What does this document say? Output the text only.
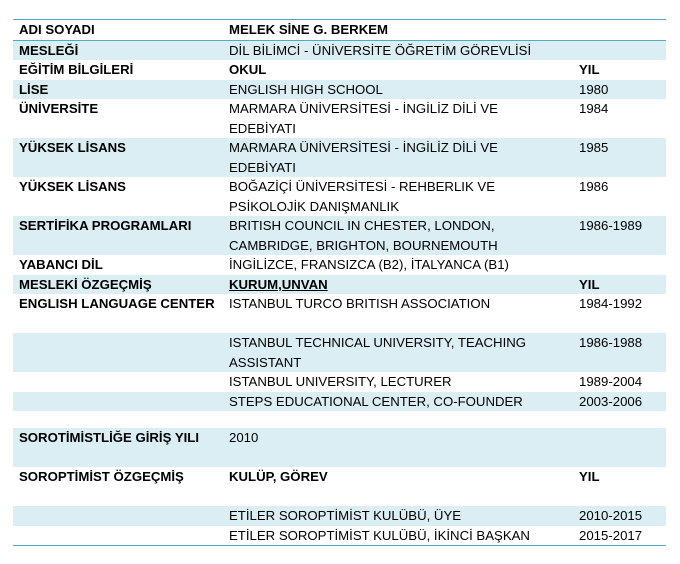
ADI SOYADI	MELEK SİNE G. BERKEM	
MESLEĞİ	DİL BİLİMCİ - ÜNİVERSİTE ÖĞRETİM GÖREVLİSİ	
EĞİTİM BİLGİLERİ	OKUL	YIL
LİSE	ENGLISH HIGH SCHOOL	1980
ÜNİVERSİTE	MARMARA ÜNİVERSİTESİ - İNGİLİZ DİLİ VE EDEBİYATI	1984
YÜKSEK LİSANS	MARMARA ÜNİVERSİTESİ - İNGİLİZ DİLİ VE EDEBİYATI	1985
YÜKSEK LİSANS	BOĞAZİÇİ ÜNİVERSİTESİ - REHBERLIK VE PSİKOLOJİK DANIŞMANLIK	1986
SERTİFİKA PROGRAMLARI	BRITISH COUNCIL IN CHESTER, LONDON, CAMBRIDGE, BRIGHTON, BOURNEMOUTH	1986-1989
YABANCI DİL	İNGİLİZCE, FRANSIZCA (B2), İTALYANCA (B1)	
MESLEKİ ÖZGEÇMİŞ	KURUM,UNVAN	YIL
ENGLISH LANGUAGE CENTER	ISTANBUL TURCO BRITISH ASSOCIATION	1984-1992
	ISTANBUL TECHNICAL UNIVERSITY, TEACHING ASSISTANT	1986-1988
	ISTANBUL UNIVERSITY, LECTURER	1989-2004
	STEPS EDUCATIONAL CENTER, CO-FOUNDER	2003-2006

SOROTİMİSTLİĞE GİRİŞ YILI	2010	
SOROPTİMİST ÖZGEÇMİŞ	KULÜP, GÖREV	YIL
	ETİLER SOROPTİMİST KULÜBÜ, ÜYE	2010-2015
	ETİLER SOROPTİMİST KULÜBÜ, İKİNCİ BAŞKAN	2015-2017
